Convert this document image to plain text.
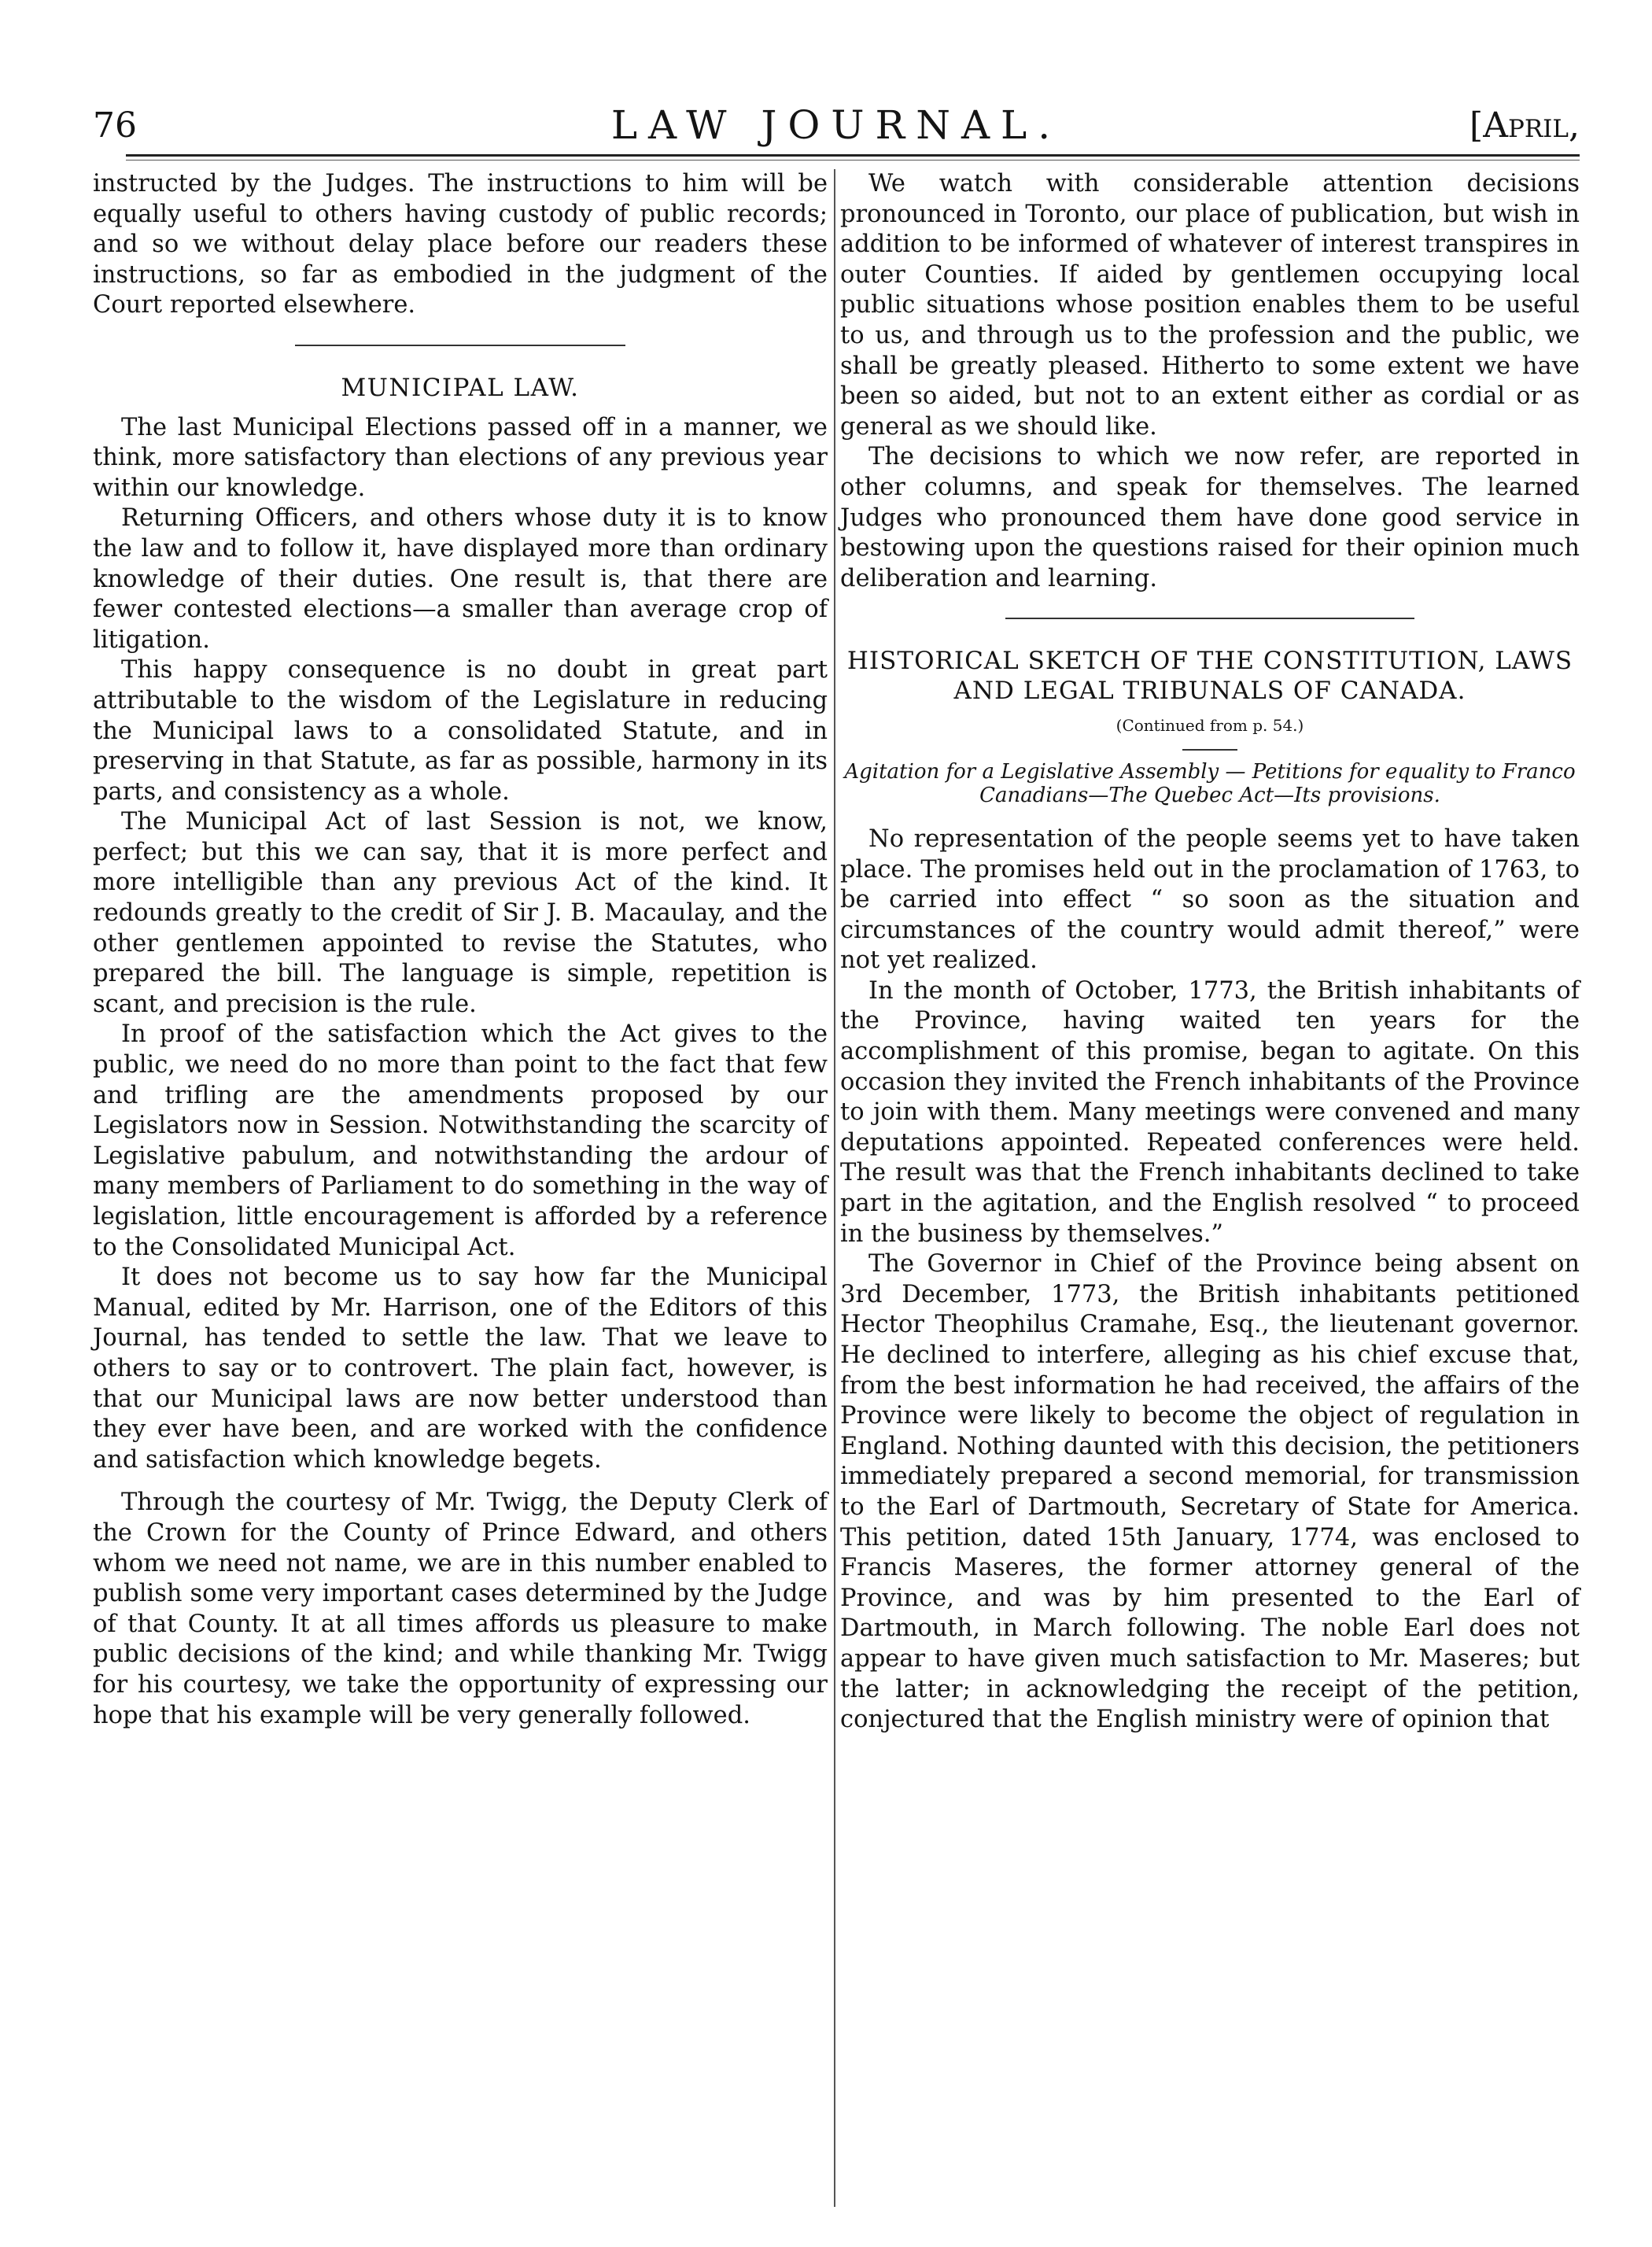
76	LAW JOURNAL.	[April,

instructed by the Judges. The instructions to him will be equally useful to others having custody of public records; and so we without delay place before our readers these instructions, so far as embodied in the judgment of the Court reported elsewhere.

MUNICIPAL LAW.

The last Municipal Elections passed off in a manner, we think, more satisfactory than elections of any previous year within our knowledge.

Returning Officers, and others whose duty it is to know the law and to follow it, have displayed more than ordinary knowledge of their duties. One result is, that there are fewer contested elections—a smaller than average crop of litigation.

This happy consequence is no doubt in great part attributable to the wisdom of the Legislature in reducing the Municipal laws to a consolidated Statute, and in preserving in that Statute, as far as possible, harmony in its parts, and consistency as a whole.

The Municipal Act of last Session is not, we know, perfect; but this we can say, that it is more perfect and more intelligible than any previous Act of the kind. It redounds greatly to the credit of Sir J. B. Macaulay, and the other gentlemen appointed to revise the Statutes, who prepared the bill. The language is simple, repetition is scant, and precision is the rule.

In proof of the satisfaction which the Act gives to the public, we need do no more than point to the fact that few and trifling are the amendments proposed by our Legislators now in Session. Notwithstanding the scarcity of Legislative pabulum, and notwithstanding the ardour of many members of Parliament to do something in the way of legislation, little encouragement is afforded by a reference to the Consolidated Municipal Act.

It does not become us to say how far the Municipal Manual, edited by Mr. Harrison, one of the Editors of this Journal, has tended to settle the law. That we leave to others to say or to controvert. The plain fact, however, is that our Municipal laws are now better understood than they ever have been, and are worked with the confidence and satisfaction which knowledge begets.

Through the courtesy of Mr. Twigg, the Deputy Clerk of the Crown for the County of Prince Edward, and others whom we need not name, we are in this number enabled to publish some very important cases determined by the Judge of that County. It at all times affords us pleasure to make public decisions of the kind; and while thanking Mr. Twigg for his courtesy, we take the opportunity of expressing our hope that his example will be very generally followed.

We watch with considerable attention decisions pronounced in Toronto, our place of publication, but wish in addition to be informed of whatever of interest transpires in outer Counties. If aided by gentlemen occupying local public situations whose position enables them to be useful to us, and through us to the profession and the public, we shall be greatly pleased. Hitherto to some extent we have been so aided, but not to an extent either as cordial or as general as we should like.

The decisions to which we now refer, are reported in other columns, and speak for themselves. The learned Judges who pronounced them have done good service in bestowing upon the questions raised for their opinion much deliberation and learning.

HISTORICAL SKETCH OF THE CONSTITUTION, LAWS
AND LEGAL TRIBUNALS OF CANADA.
(Continued from p. 54.)
Agitation for a Legislative Assembly — Petitions for equality to Franco Canadians—The Quebec Act—Its provisions.

No representation of the people seems yet to have taken place. The promises held out in the proclamation of 1763, to be carried into effect “ so soon as the situation and circumstances of the country would admit thereof,” were not yet realized.

In the month of October, 1773, the British inhabitants of the Province, having waited ten years for the accomplishment of this promise, began to agitate. On this occasion they invited the French inhabitants of the Province to join with them. Many meetings were convened and many deputations appointed. Repeated conferences were held. The result was that the French inhabitants declined to take part in the agitation, and the English resolved “ to proceed in the business by themselves.”

The Governor in Chief of the Province being absent on 3rd December, 1773, the British inhabitants petitioned Hector Theophilus Cramahe, Esq., the lieutenant governor. He declined to interfere, alleging as his chief excuse that, from the best information he had received, the affairs of the Province were likely to become the object of regulation in England. Nothing daunted with this decision, the petitioners immediately prepared a second memorial, for transmission to the Earl of Dartmouth, Secretary of State for America. This petition, dated 15th January, 1774, was enclosed to Francis Maseres, the former attorney general of the Province, and was by him presented to the Earl of Dartmouth, in March following. The noble Earl does not appear to have given much satisfaction to Mr. Maseres; but the latter; in acknowledging the receipt of the petition, conjectured that the English ministry were of opinion that
